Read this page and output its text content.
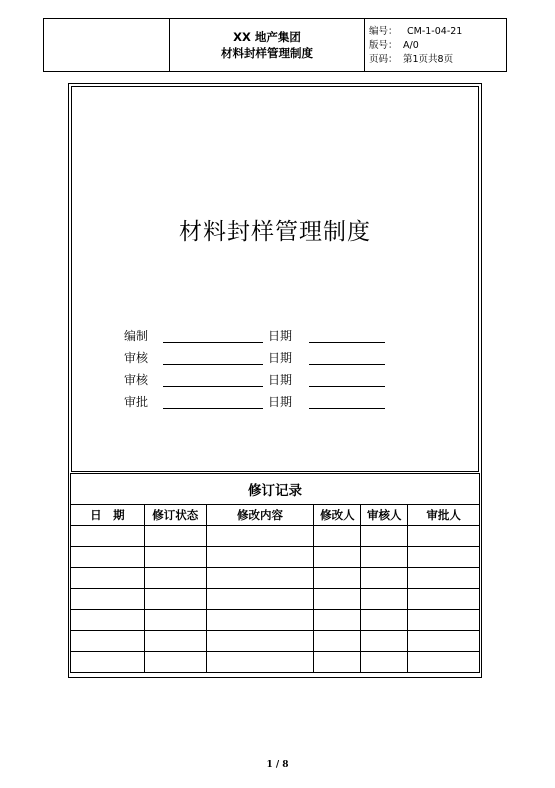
XX 地产集团
材料封样管理制度
编号： CM-1-04-21
版号： A/0
页码： 第1页共8页
材料封样管理制度
编制	日期
审核	日期
审核	日期
审批	日期
修订记录					
日　期	修订状态	修改内容	修改人	审核人	审批人

1 / 8
